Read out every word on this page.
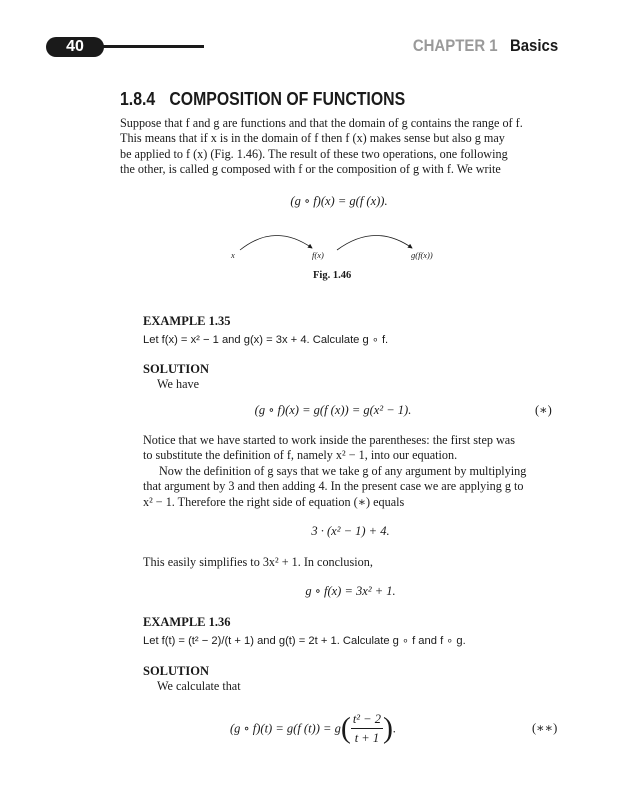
40	CHAPTER 1 Basics
1.8.4 COMPOSITION OF FUNCTIONS
Suppose that f and g are functions and that the domain of g contains the range of f.
This means that if x is in the domain of f then f (x) makes sense but also g may
be applied to f (x) (Fig. 1.46). The result of these two operations, one following
the other, is called g composed with f or the composition of g with f. We write
(g ∘ f)(x) = g(f (x)).
x	f(x)	g(f(x))
Fig. 1.46
EXAMPLE 1.35
Let f(x) = x² − 1 and g(x) = 3x + 4. Calculate g ∘ f.
SOLUTION
We have
(g ∘ f)(x) = g(f (x)) = g(x² − 1).	(∗)
Notice that we have started to work inside the parentheses: the first step was
to substitute the definition of f, namely x² − 1, into our equation.
Now the definition of g says that we take g of any argument by multiplying
that argument by 3 and then adding 4. In the present case we are applying g to
x² − 1. Therefore the right side of equation (∗) equals
3 · (x² − 1) + 4.
This easily simplifies to 3x² + 1. In conclusion,
g ∘ f(x) = 3x² + 1.
EXAMPLE 1.36
Let f(t) = (t² − 2)/(t + 1) and g(t) = 2t + 1. Calculate g ∘ f and f ∘ g.
SOLUTION
We calculate that
(g ∘ f)(t) = g(f $(t)) = g( \frac{\text{t² − 2}}{t + 1}$ ).	(∗∗)
